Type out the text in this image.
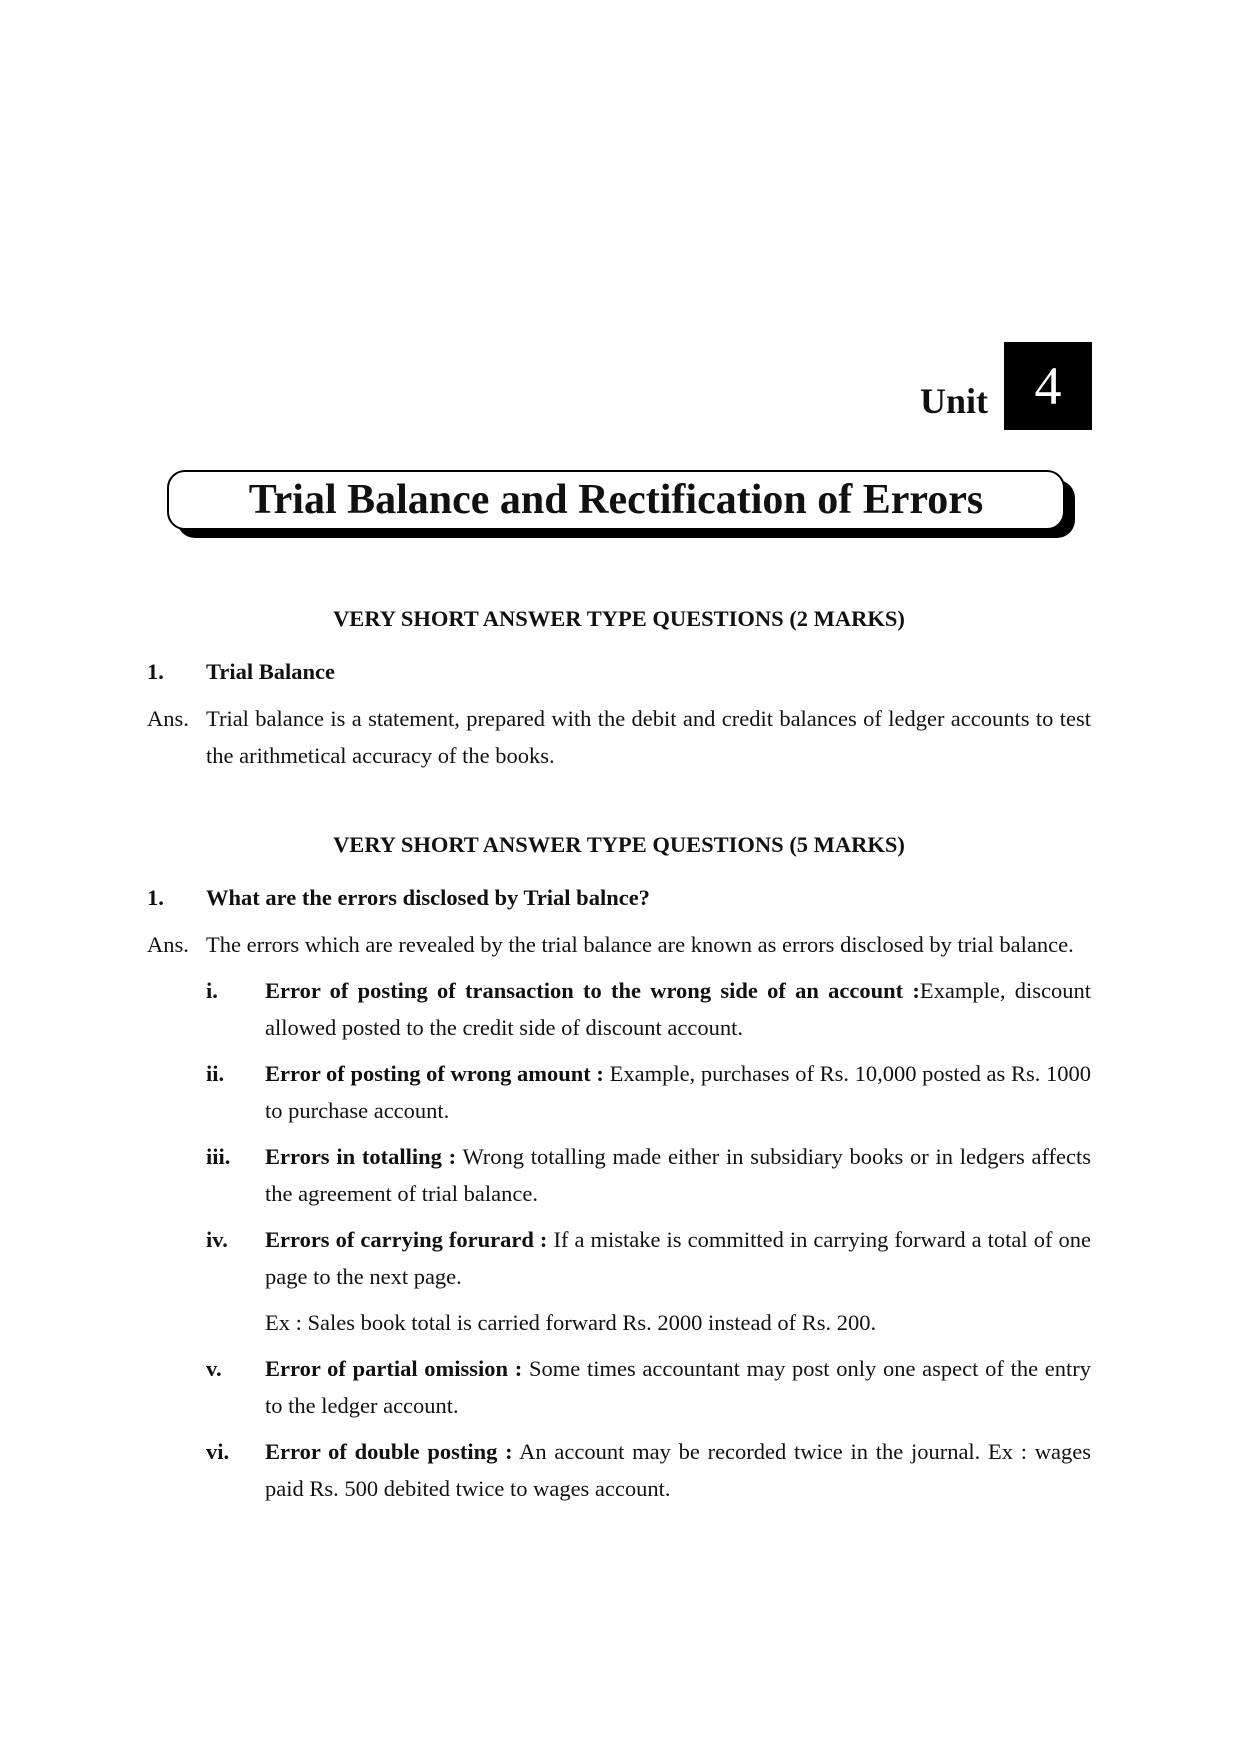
Unit 4
Trial Balance and Rectification of Errors

VERY SHORT ANSWER TYPE QUESTIONS (2 MARKS)

1.	Trial Balance
Ans. Trial balance is a statement, prepared with the debit and credit balances of ledger accounts to test the arithmetical accuracy of the books.

VERY SHORT ANSWER TYPE QUESTIONS (5 MARKS)

1.	What are the errors disclosed by Trial balnce?
Ans. The errors which are revealed by the trial balance are known as errors disclosed by trial balance.
i.	Error of posting of transaction to the wrong side of an account :Example, discount allowed posted to the credit side of discount account.
ii.	Error of posting of wrong amount : Example, purchases of Rs. 10,000 posted as Rs. 1000 to purchase account.
iii.	Errors in totalling : Wrong totalling made either in subsidiary books or in ledgers affects the agreement of trial balance.
iv.	Errors of carrying forurard : If a mistake is committed in carrying forward a total of one page to the next page.
Ex : Sales book total is carried forward Rs. 2000 instead of Rs. 200.
v.	Error of partial omission : Some times accountant may post only one aspect of the entry to the ledger account.
vi.	Error of double posting : An account may be recorded twice in the journal. Ex : wages paid Rs. 500 debited twice to wages account.
